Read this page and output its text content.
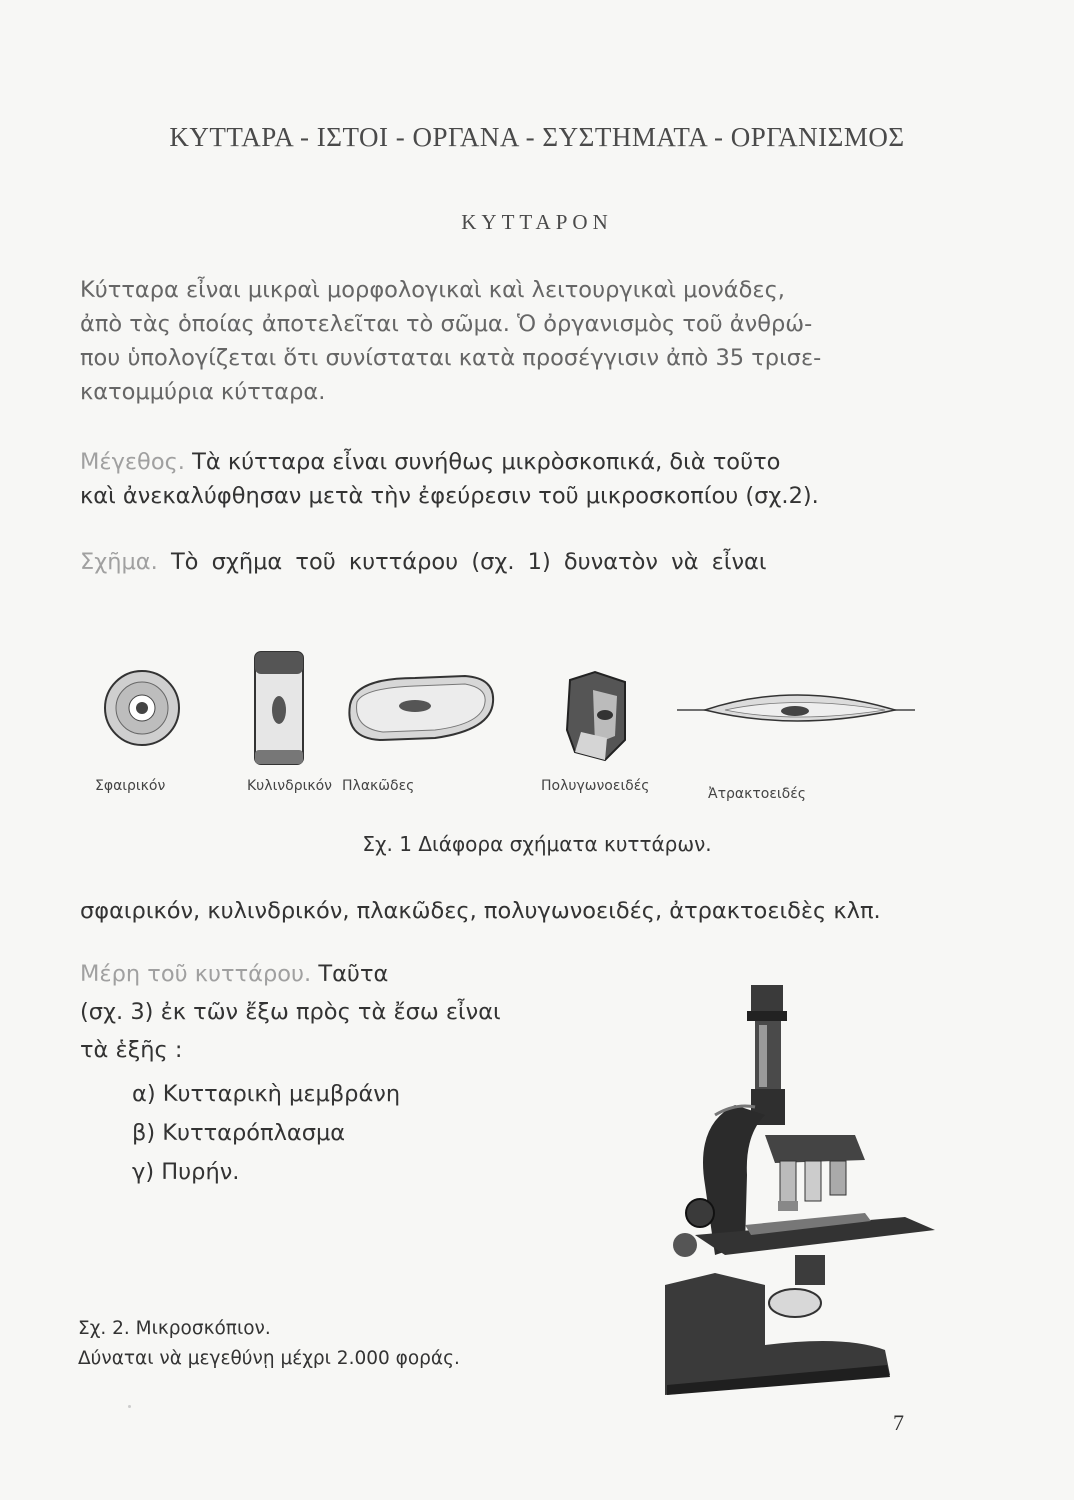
ΚΥΤΤΑΡΑ - ΙΣΤΟΙ - ΟΡΓΑΝΑ - ΣΥΣΤΗΜΑΤΑ - ΟΡΓΑΝΙΣΜΟΣ
ΚΥΤΤΑΡΟΝ
Κύτταρα εἶναι μικραὶ μορφολογικαὶ καὶ λειτουργικαὶ μονάδες,
ἀπὸ τὰς ὁποίας ἀποτελεῖται τὸ σῶμα. Ὁ ὀργανισμὸς τοῦ ἀνθρώ-
που ὑπολογίζεται ὅτι συνίσταται κατὰ προσέγγισιν ἀπὸ 35 τρισε-
κατομμύρια κύτταρα.
Μέγεθος. Τὰ κύτταρα εἶναι συνήθως μικρὸσκοπικά, διὰ τοῦτο
καὶ ἀνεκαλύφθησαν μετὰ τὴν ἐφεύρεσιν τοῦ μικροσκοπίου (σχ.2).
Σχῆμα. Τὸ σχῆμα τοῦ κυττάρου (σχ. 1) δυνατὸν νὰ εἶναι
Σφαιρικόν	Κυλινδρικόν Πλακῶδες	Πολυγωνοειδές	Ἀτρακτοειδές
Σχ. 1 Διάφορα σχήματα κυττάρων.
σφαιρικόν, κυλινδρικόν, πλακῶδες, πολυγωνοειδές, ἀτρακτοειδὲς κλπ.
Μέρη τοῦ κυττάρου. Ταῦτα
(σχ. 3) ἐκ τῶν ἔξω πρὸς τὰ ἔσω εἶναι
τὰ ἑξῆς :
α) Κυτταρικὴ μεμβράνη
β) Κυτταρόπλασμα
γ) Πυρήν.
Σχ. 2. Μικροσκόπιον.
Δύναται νὰ μεγεθύνῃ μέχρι 2.000 φοράς.
7
